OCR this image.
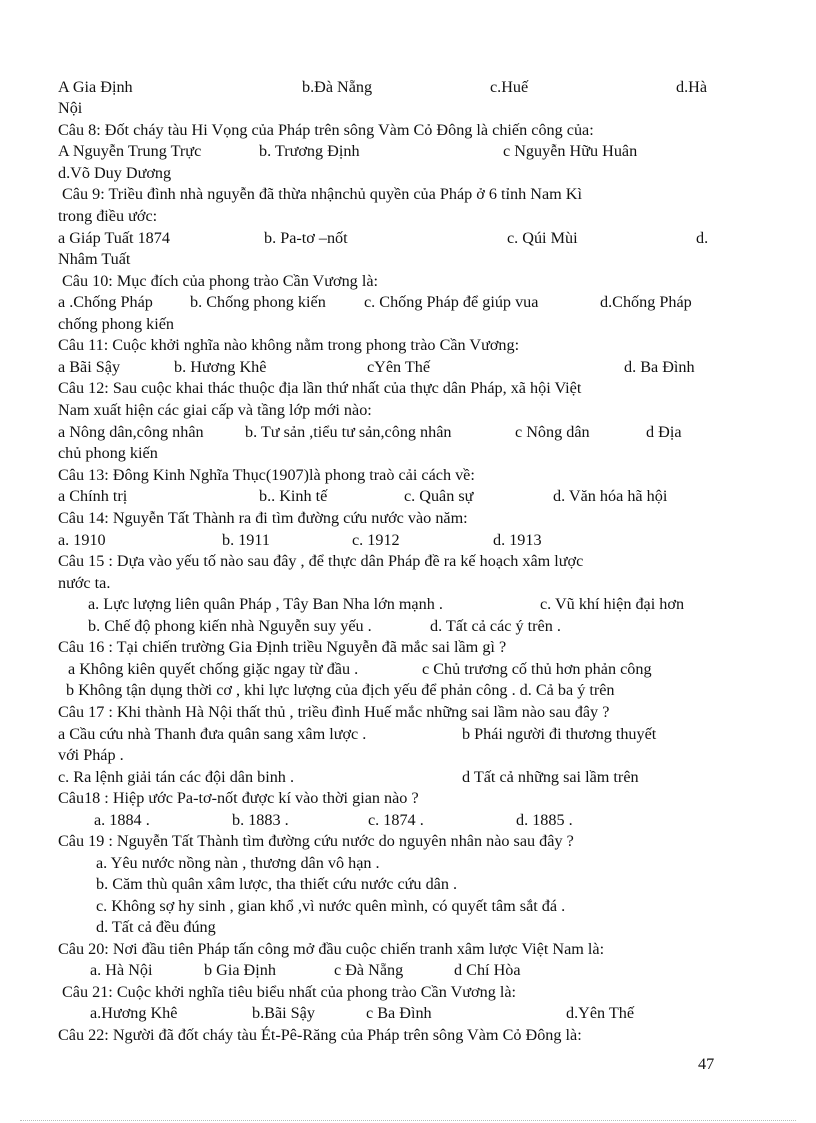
A Gia Định	b.Đà Nẵng	c.Huế	d.Hà
Nội
Câu 8: Đốt cháy tàu Hi Vọng của Pháp trên sông Vàm Cỏ Đông là chiến công của:
A Nguyễn Trung Trực	b. Trương Định	c Nguyễn Hữu Huân
d.Võ Duy Dương
Câu 9: Triều đình nhà nguyễn đã thừa nhậnchủ quyền của Pháp ở 6 tỉnh Nam Kì
trong điều ước:
a Giáp Tuất 1874	b. Pa-tơ –nốt	c. Qúi Mùi	d.
Nhâm Tuất
Câu 10: Mục đích của phong trào Cần Vương là:
a .Chống Pháp b. Chống phong kiến c. Chống Pháp để giúp vua	d.Chống Pháp
chống phong kiến
Câu 11: Cuộc khởi nghĩa nào không nằm trong phong trào Cần Vương:
a Bãi Sậy	b. Hương Khê	cYên Thế	d. Ba Đình
Câu 12: Sau cuộc khai thác thuộc địa lần thứ nhất của thực dân Pháp, xã hội Việt
Nam xuất hiện các giai cấp và tầng lớp mới nào:
a Nông dân,công nhân	b. Tư sản ,tiểu tư sản,công nhân	c Nông dân	d Địa
chủ phong kiến
Câu 13: Đông Kinh Nghĩa Thục(1907)là phong traò cải cách về:
a Chính trị	b.. Kinh tế	c. Quân sự	d. Văn hóa hã hội
Câu 14: Nguyễn Tất Thành ra đi tìm đường cứu nước vào năm:
a. 1910	b. 1911	c. 1912	d. 1913
Câu 15 : Dựa vào yếu tố nào sau đây , để thực dân Pháp đề ra kế hoạch xâm lược
nước ta.
a. Lực lượng liên quân Pháp , Tây Ban Nha lớn mạnh .	c. Vũ khí hiện đại hơn
b. Chế độ phong kiến nhà Nguyễn suy yếu .	d. Tất cả các ý trên .
Câu 16 : Tại chiến trường Gia Định triều Nguyễn đã mắc sai lầm gì ?
a Không kiên quyết chống giặc ngay từ đầu .	c Chủ trương cố thủ hơn phản công
b Không tận dụng thời cơ , khi lực lượng của địch yếu để phản công . d. Cả ba ý trên
Câu 17 : Khi thành Hà Nội thất thủ , triều đình Huế mắc những sai lầm nào sau đây ?
a Cầu cứu nhà Thanh đưa quân sang xâm lược .	b Phái người đi thương thuyết
với Pháp .
c. Ra lệnh giải tán các đội dân binh .	d Tất cả những sai lầm trên
Câu18 : Hiệp ước Pa-tơ-nốt được kí vào thời gian nào ?
a. 1884 .	b. 1883 .	c. 1874 .	d. 1885 .
Câu 19 : Nguyễn Tất Thành tìm đường cứu nước do nguyên nhân nào sau đây ?
a. Yêu nước nồng nàn , thương dân vô hạn .
b. Căm thù quân xâm lược, tha thiết cứu nước cứu dân .
c. Không sợ hy sinh , gian khổ ,vì nước quên mình, có quyết tâm sắt đá .
d. Tất cả đều đúng
Câu 20: Nơi đầu tiên Pháp tấn công mở đầu cuộc chiến tranh xâm lược Việt Nam là:
a. Hà Nội	b Gia Định	c Đà Nẵng	d Chí Hòa
Câu 21: Cuộc khởi nghĩa tiêu biểu nhất của phong trào Cần Vương là:
a.Hương Khê	b.Bãi Sậy	c Ba Đình	d.Yên Thế
Câu 22: Người đã đốt cháy tàu Ét-Pê-Răng của Pháp trên sông Vàm Cỏ Đông là:
47
